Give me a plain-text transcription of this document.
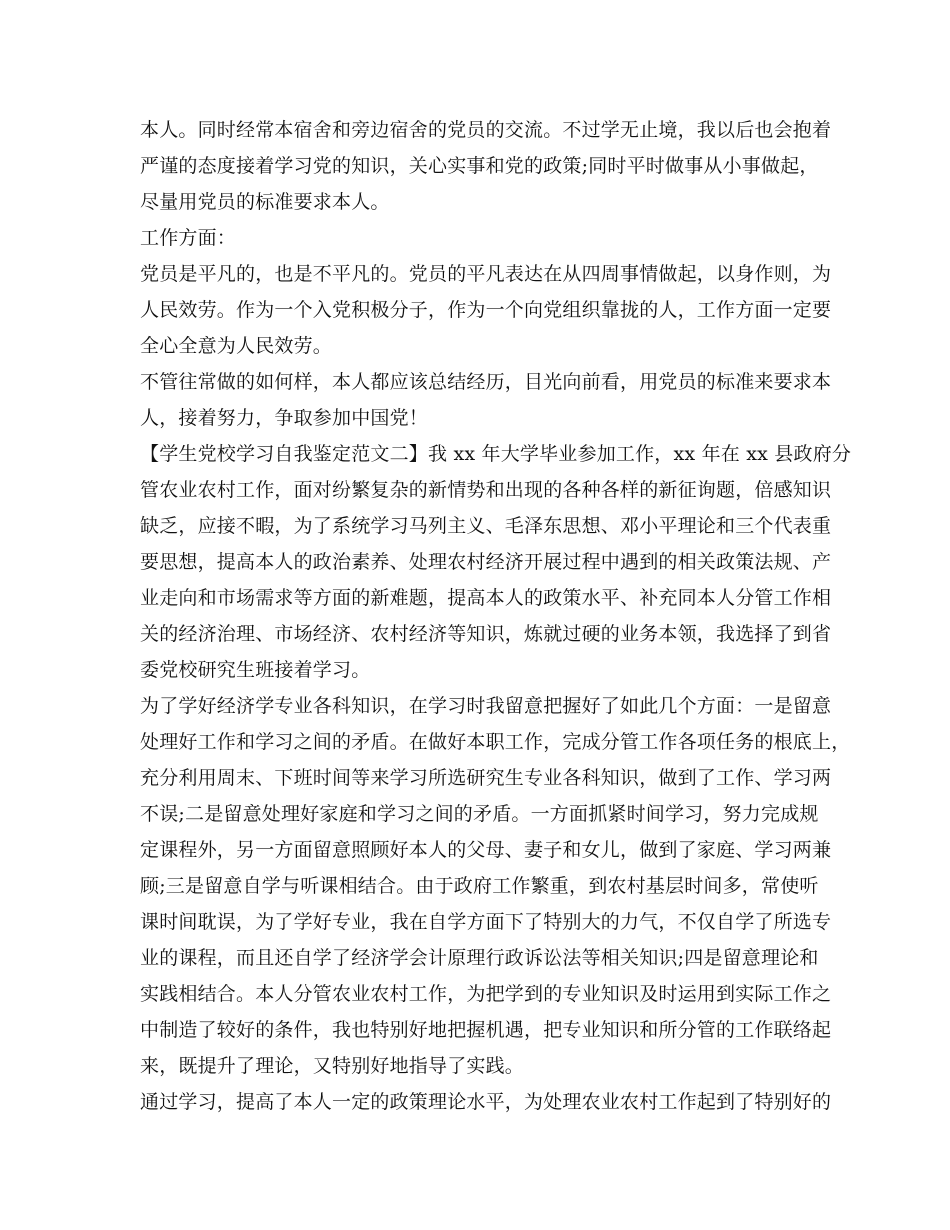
本人。同时经常本宿舍和旁边宿舍的党员的交流。不过学无止境，我以后也会抱着
严谨的态度接着学习党的知识，关心实事和党的政策;同时平时做事从小事做起，
尽量用党员的标准要求本人。
工作方面：
党员是平凡的，也是不平凡的。党员的平凡表达在从四周事情做起，以身作则，为
人民效劳。作为一个入党积极分子，作为一个向党组织靠拢的人，工作方面一定要
全心全意为人民效劳。
不管往常做的如何样，本人都应该总结经历，目光向前看，用党员的标准来要求本
人，接着努力，争取参加中国党！
【学生党校学习自我鉴定范文二】我 xx 年大学毕业参加工作，xx 年在 xx 县政府分
管农业农村工作，面对纷繁复杂的新情势和出现的各种各样的新征询题，倍感知识
缺乏，应接不暇，为了系统学习马列主义、毛泽东思想、邓小平理论和三个代表重
要思想，提高本人的政治素养、处理农村经济开展过程中遇到的相关政策法规、产
业走向和市场需求等方面的新难题，提高本人的政策水平、补充同本人分管工作相
关的经济治理、市场经济、农村经济等知识，炼就过硬的业务本领，我选择了到省
委党校研究生班接着学习。
为了学好经济学专业各科知识，在学习时我留意把握好了如此几个方面：一是留意
处理好工作和学习之间的矛盾。在做好本职工作，完成分管工作各项任务的根底上，
充分利用周末、下班时间等来学习所选研究生专业各科知识，做到了工作、学习两
不误;二是留意处理好家庭和学习之间的矛盾。一方面抓紧时间学习，努力完成规
定课程外，另一方面留意照顾好本人的父母、妻子和女儿，做到了家庭、学习两兼
顾;三是留意自学与听课相结合。由于政府工作繁重，到农村基层时间多，常使听
课时间耽误，为了学好专业，我在自学方面下了特别大的力气，不仅自学了所选专
业的课程，而且还自学了经济学会计原理行政诉讼法等相关知识;四是留意理论和
实践相结合。本人分管农业农村工作，为把学到的专业知识及时运用到实际工作之
中制造了较好的条件，我也特别好地把握机遇，把专业知识和所分管的工作联络起
来，既提升了理论，又特别好地指导了实践。
通过学习，提高了本人一定的政策理论水平，为处理农业农村工作起到了特别好的
